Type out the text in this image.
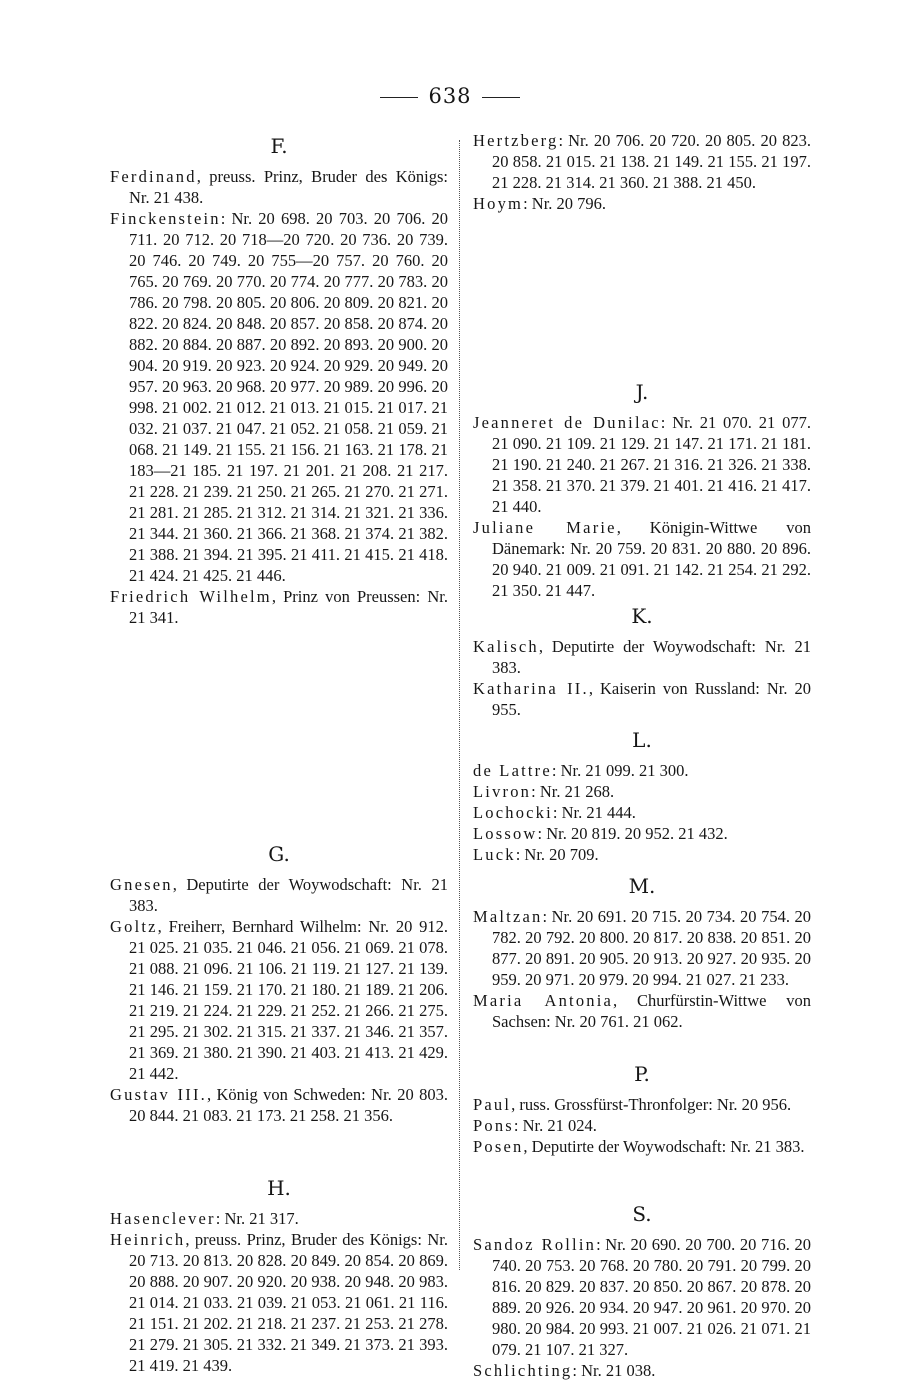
638
F.
Ferdinand, preuss. Prinz, Bruder des Königs: Nr. 21 438.
Finckenstein: Nr. 20 698. 20 703. 20 706. 20 711. 20 712. 20 718—20 720. 20 736. 20 739. 20 746. 20 749. 20 755—20 757. 20 760. 20 765. 20 769. 20 770. 20 774. 20 777. 20 783. 20 786. 20 798. 20 805. 20 806. 20 809. 20 821. 20 822. 20 824. 20 848. 20 857. 20 858. 20 874. 20 882. 20 884. 20 887. 20 892. 20 893. 20 900. 20 904. 20 919. 20 923. 20 924. 20 929. 20 949. 20 957. 20 963. 20 968. 20 977. 20 989. 20 996. 20 998. 21 002. 21 012. 21 013. 21 015. 21 017. 21 032. 21 037. 21 047. 21 052. 21 058. 21 059. 21 068. 21 149. 21 155. 21 156. 21 163. 21 178. 21 183—21 185. 21 197. 21 201. 21 208. 21 217. 21 228. 21 239. 21 250. 21 265. 21 270. 21 271. 21 281. 21 285. 21 312. 21 314. 21 321. 21 336. 21 344. 21 360. 21 366. 21 368. 21 374. 21 382. 21 388. 21 394. 21 395. 21 411. 21 415. 21 418. 21 424. 21 425. 21 446.
Friedrich Wilhelm, Prinz von Preussen: Nr. 21 341.
G.
Gnesen, Deputirte der Woywodschaft: Nr. 21 383.
Goltz, Freiherr, Bernhard Wilhelm: Nr. 20 912. 21 025. 21 035. 21 046. 21 056. 21 069. 21 078. 21 088. 21 096. 21 106. 21 119. 21 127. 21 139. 21 146. 21 159. 21 170. 21 180. 21 189. 21 206. 21 219. 21 224. 21 229. 21 252. 21 266. 21 275. 21 295. 21 302. 21 315. 21 337. 21 346. 21 357. 21 369. 21 380. 21 390. 21 403. 21 413. 21 429. 21 442.
Gustav III., König von Schweden: Nr. 20 803. 20 844. 21 083. 21 173. 21 258. 21 356.
H.
Hasenclever: Nr. 21 317.
Heinrich, preuss. Prinz, Bruder des Königs: Nr. 20 713. 20 813. 20 828. 20 849. 20 854. 20 869. 20 888. 20 907. 20 920. 20 938. 20 948. 20 983. 21 014. 21 033. 21 039. 21 053. 21 061. 21 116. 21 151. 21 202. 21 218. 21 237. 21 253. 21 278. 21 279. 21 305. 21 332. 21 349. 21 373. 21 393. 21 419. 21 439.
Hertzberg: Nr. 20 706. 20 720. 20 805. 20 823. 20 858. 21 015. 21 138. 21 149. 21 155. 21 197. 21 228. 21 314. 21 360. 21 388. 21 450.
Hoym: Nr. 20 796.
J.
Jeanneret de Dunilac: Nr. 21 070. 21 077. 21 090. 21 109. 21 129. 21 147. 21 171. 21 181. 21 190. 21 240. 21 267. 21 316. 21 326. 21 338. 21 358. 21 370. 21 379. 21 401. 21 416. 21 417. 21 440.
Juliane Marie, Königin-Wittwe von Dänemark: Nr. 20 759. 20 831. 20 880. 20 896. 20 940. 21 009. 21 091. 21 142. 21 254. 21 292. 21 350. 21 447.
K.
Kalisch, Deputirte der Woywodschaft: Nr. 21 383.
Katharina II., Kaiserin von Russland: Nr. 20 955.
L.
de Lattre: Nr. 21 099. 21 300.
Livron: Nr. 21 268.
Lochocki: Nr. 21 444.
Lossow: Nr. 20 819. 20 952. 21 432.
Luck: Nr. 20 709.
M.
Maltzan: Nr. 20 691. 20 715. 20 734. 20 754. 20 782. 20 792. 20 800. 20 817. 20 838. 20 851. 20 877. 20 891. 20 905. 20 913. 20 927. 20 935. 20 959. 20 971. 20 979. 20 994. 21 027. 21 233.
Maria Antonia, Churfürstin-Wittwe von Sachsen: Nr. 20 761. 21 062.
P.
Paul, russ. Grossfürst-Thronfolger: Nr. 20 956.
Pons: Nr. 21 024.
Posen, Deputirte der Woywodschaft: Nr. 21 383.
S.
Sandoz Rollin: Nr. 20 690. 20 700. 20 716. 20 740. 20 753. 20 768. 20 780. 20 791. 20 799. 20 816. 20 829. 20 837. 20 850. 20 867. 20 878. 20 889. 20 926. 20 934. 20 947. 20 961. 20 970. 20 980. 20 984. 20 993. 21 007. 21 026. 21 071. 21 079. 21 107. 21 327.
Schlichting: Nr. 21 038.
